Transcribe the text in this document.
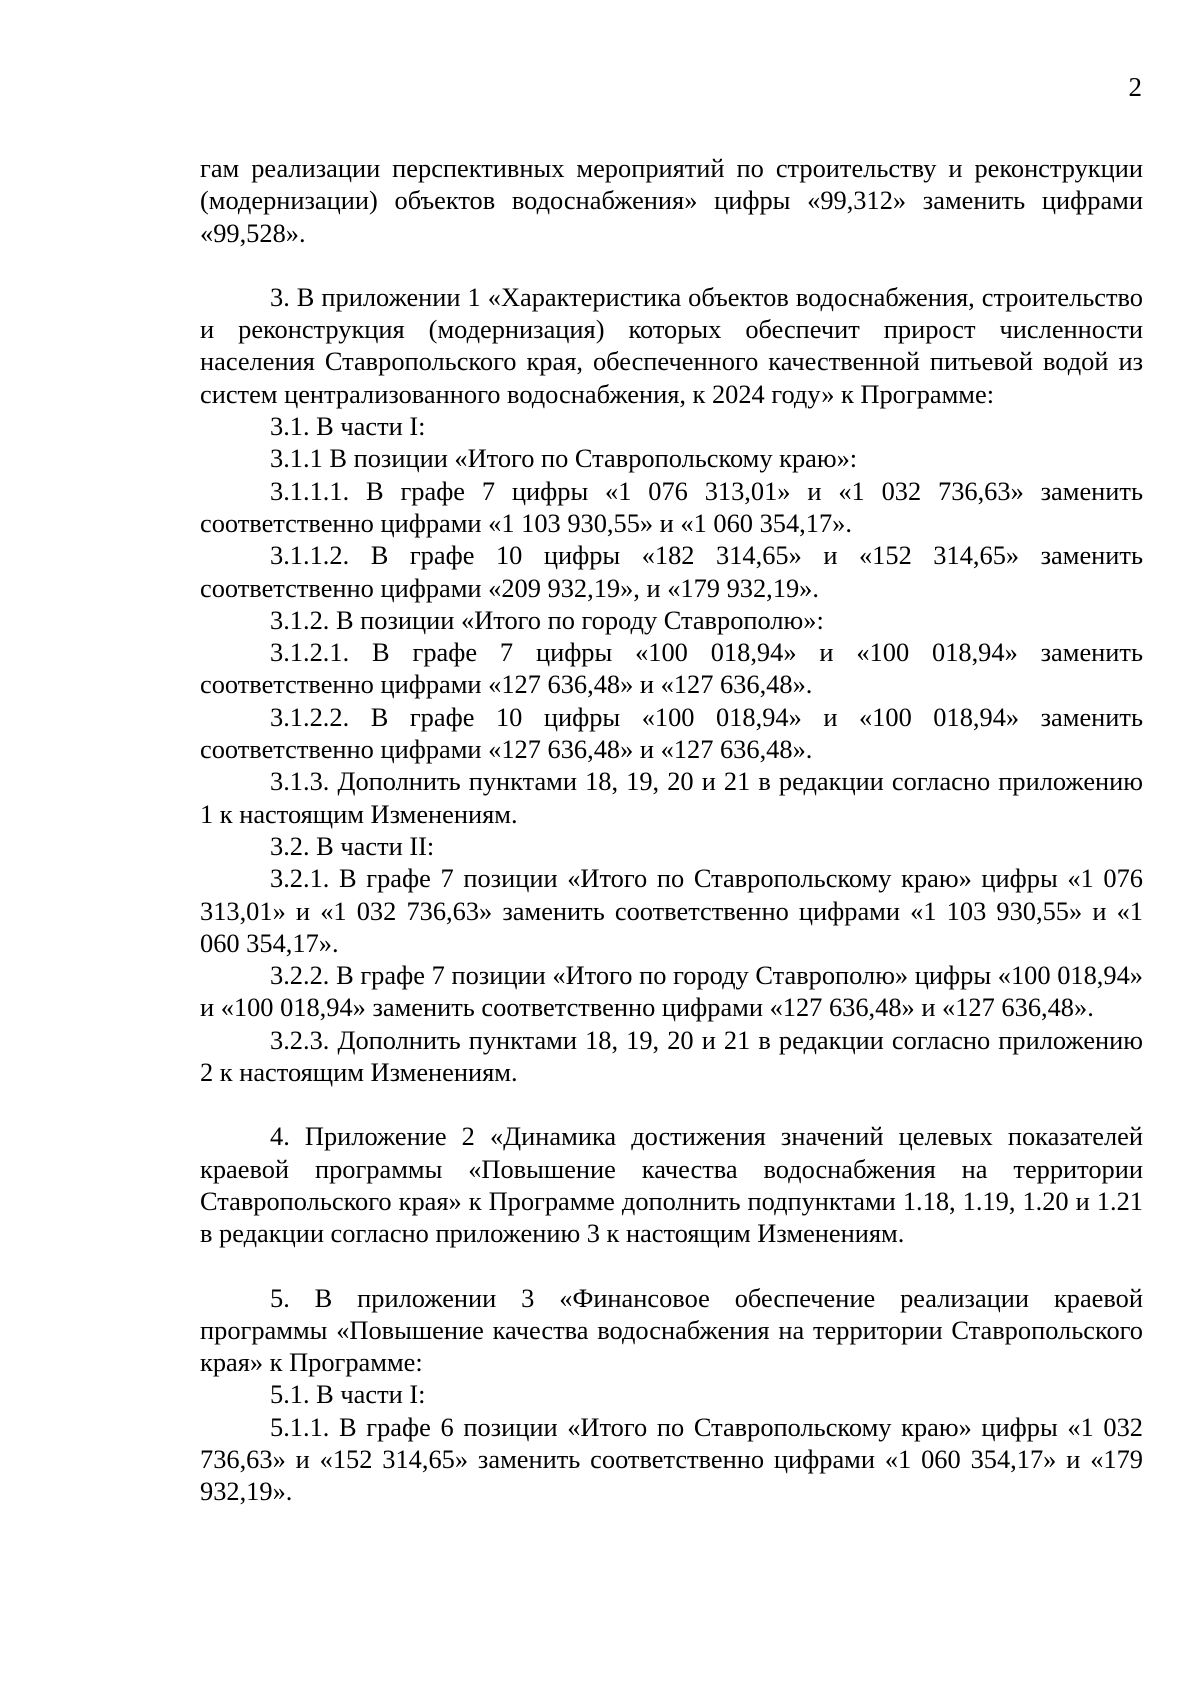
2

гам реализации перспективных мероприятий по строительству и реконструкции (модернизации) объектов водоснабжения» цифры «99,312» заменить цифрами «99,528».

3. В приложении 1 «Характеристика объектов водоснабжения, строительство и реконструкция (модернизация) которых обеспечит прирост численности населения Ставропольского края, обеспеченного качественной питьевой водой из систем централизованного водоснабжения, к 2024 году» к Программе:

3.1. В части I:

3.1.1 В позиции «Итого по Ставропольскому краю»:

3.1.1.1. В графе 7 цифры «1 076 313,01» и «1 032 736,63» заменить соответственно цифрами «1 103 930,55» и «1 060 354,17».

3.1.1.2. В графе 10 цифры «182 314,65» и «152 314,65» заменить соответственно цифрами «209 932,19», и «179 932,19».

3.1.2. В позиции «Итого по городу Ставрополю»:

3.1.2.1. В графе 7 цифры «100 018,94» и «100 018,94» заменить соответственно цифрами «127 636,48» и «127 636,48».

3.1.2.2. В графе 10 цифры «100 018,94» и «100 018,94» заменить соответственно цифрами «127 636,48» и «127 636,48».

3.1.3. Дополнить пунктами 18, 19, 20 и 21 в редакции согласно приложению 1 к настоящим Изменениям.

3.2. В части II:

3.2.1. В графе 7 позиции «Итого по Ставропольскому краю» цифры «1 076 313,01» и «1 032 736,63» заменить соответственно цифрами «1 103 930,55» и «1 060 354,17».

3.2.2. В графе 7 позиции «Итого по городу Ставрополю» цифры «100 018,94» и «100 018,94» заменить соответственно цифрами «127 636,48» и «127 636,48».

3.2.3. Дополнить пунктами 18, 19, 20 и 21 в редакции согласно приложению 2 к настоящим Изменениям.

4. Приложение 2 «Динамика достижения значений целевых показателей краевой программы «Повышение качества водоснабжения на территории Ставропольского края» к Программе дополнить подпунктами 1.18, 1.19, 1.20 и 1.21 в редакции согласно приложению 3 к настоящим Изменениям.

5. В приложении 3 «Финансовое обеспечение реализации краевой программы «Повышение качества водоснабжения на территории Ставропольского края» к Программе:

5.1. В части I:

5.1.1. В графе 6 позиции «Итого по Ставропольскому краю» цифры «1 032 736,63» и «152 314,65» заменить соответственно цифрами «1 060 354,17» и «179 932,19».
